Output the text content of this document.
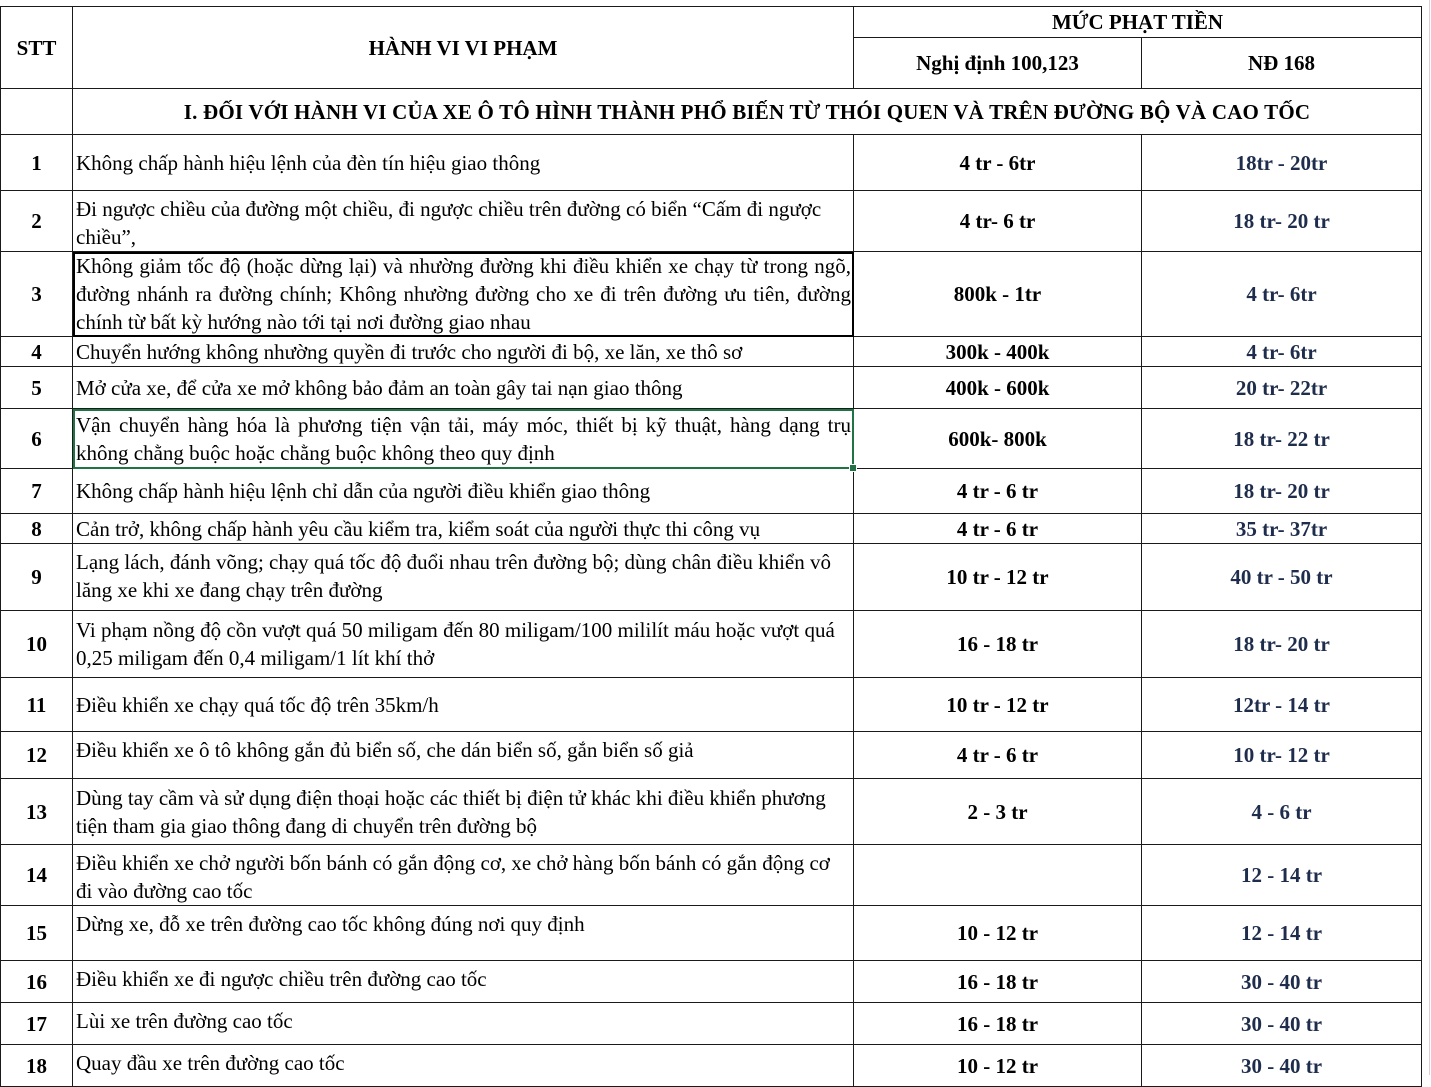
STT	HÀNH VI VI PHẠM	MỨC PHẠT TIỀN	
		Nghị định 100,123	NĐ 168
	I. ĐỐI VỚI HÀNH VI CỦA XE Ô TÔ HÌNH THÀNH PHỔ BIẾN TỪ THÓI QUEN VÀ TRÊN ĐƯỜNG BỘ VÀ CAO TỐC		
1	Không chấp hành hiệu lệnh của đèn tín hiệu giao thông	4 tr - 6tr	18tr - 20tr
2	Đi ngược chiều của đường một chiều, đi ngược chiều trên đường có biển “Cấm đi ngược chiều”,	4 tr- 6 tr	18 tr- 20 tr
3	Không giảm tốc độ (hoặc dừng lại) và nhường đường khi điều khiển xe chạy từ trong ngõ, đường nhánh ra đường chính; Không nhường đường cho xe đi trên đường ưu tiên, đường chính từ bất kỳ hướng nào tới tại nơi đường giao nhau	800k - 1tr	4 tr- 6tr
4	Chuyển hướng không nhường quyền đi trước cho người đi bộ, xe lăn, xe thô sơ	300k - 400k	4 tr- 6tr
5	Mở cửa xe, để cửa xe mở không bảo đảm an toàn gây tai nạn giao thông	400k - 600k	20 tr- 22tr
6	Vận chuyển hàng hóa là phương tiện vận tải, máy móc, thiết bị kỹ thuật, hàng dạng trụ không chằng buộc hoặc chằng buộc không theo quy định	600k- 800k	18 tr- 22 tr
7	Không chấp hành hiệu lệnh chỉ dẫn của người điều khiển giao thông	4 tr - 6 tr	18 tr- 20 tr
8	Cản trở, không chấp hành yêu cầu kiểm tra, kiểm soát của người thực thi công vụ	4 tr - 6 tr	35 tr- 37tr
9	Lạng lách, đánh võng; chạy quá tốc độ đuổi nhau trên đường bộ; dùng chân điều khiển vô lăng xe khi xe đang chạy trên đường	10 tr - 12 tr	40 tr - 50 tr
10	Vi phạm nồng độ cồn vượt quá 50 miligam đến 80 miligam/100 mililít máu hoặc vượt quá 0,25 miligam đến 0,4 miligam/1 lít khí thở	16 - 18 tr	18 tr- 20 tr
11	Điều khiển xe chạy quá tốc độ trên 35km/h	10 tr - 12 tr	12tr - 14 tr
12	Điều khiển xe ô tô không gắn đủ biển số, che dán biển số, gắn biển số giả	4 tr - 6 tr	10 tr- 12 tr
13	Dùng tay cầm và sử dụng điện thoại hoặc các thiết bị điện tử khác khi điều khiển phương tiện tham gia giao thông đang di chuyển trên đường bộ	2 - 3 tr	4 - 6 tr
14	Điều khiển xe chở người bốn bánh có gắn động cơ, xe chở hàng bốn bánh có gắn động cơ đi vào đường cao tốc		12 - 14 tr
15	Dừng xe, đỗ xe trên đường cao tốc không đúng nơi quy định	10 - 12 tr	12 - 14 tr
16	Điều khiển xe đi ngược chiều trên đường cao tốc	16 - 18 tr	30 - 40 tr
17	Lùi xe trên đường cao tốc	16 - 18 tr	30 - 40 tr
18	Quay đầu xe trên đường cao tốc	10 - 12 tr	30 - 40 tr
